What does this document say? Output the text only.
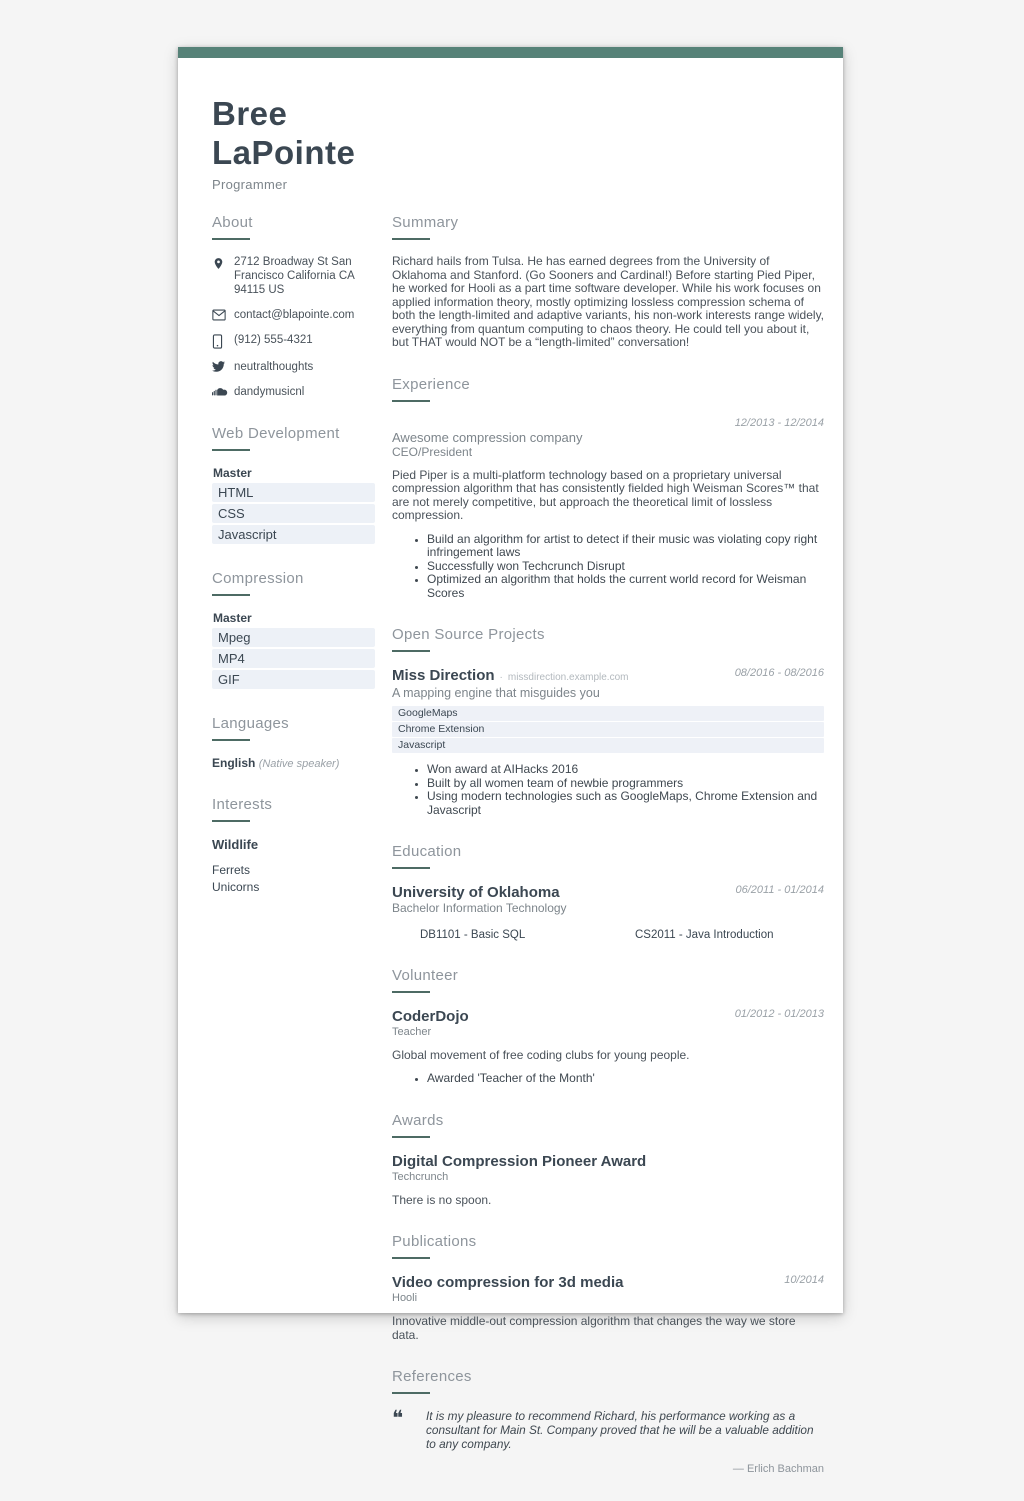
Bree
LaPointe
Programmer
About
2712 Broadway St San Francisco California CA 94115 US
contact@blapointe.com
(912) 555-4321
neutralthoughts
dandymusicnl
Web Development
Master
HTML
CSS
Javascript
Compression
Master
Mpeg
MP4
GIF
Languages
English (Native speaker)
Interests
Wildlife
Ferrets
Unicorns
Summary
Richard hails from Tulsa. He has earned degrees from the University of Oklahoma and Stanford. (Go Sooners and Cardinal!) Before starting Pied Piper, he worked for Hooli as a part time software developer. While his work focuses on applied information theory, mostly optimizing lossless compression schema of both the length-limited and adaptive variants, his non-work interests range widely, everything from quantum computing to chaos theory. He could tell you about it, but THAT would NOT be a “length-limited” conversation!
Experience
12/2013 - 12/2014
Awesome compression company
CEO/President
Pied Piper is a multi-platform technology based on a proprietary universal compression algorithm that has consistently fielded high Weisman Scores™ that are not merely competitive, but approach the theoretical limit of lossless compression.
• Build an algorithm for artist to detect if their music was violating copy right infringement laws
• Successfully won Techcrunch Disrupt
• Optimized an algorithm that holds the current world record for Weisman Scores
Open Source Projects
08/2016 - 08/2016
Miss Direction · missdirection.example.com
A mapping engine that misguides you
GoogleMaps
Chrome Extension
Javascript
• Won award at AIHacks 2016
• Built by all women team of newbie programmers
• Using modern technologies such as GoogleMaps, Chrome Extension and Javascript
Education
06/2011 - 01/2014
University of Oklahoma
Bachelor Information Technology
DB1101 - Basic SQL	CS2011 - Java Introduction
Volunteer
01/2012 - 01/2013
CoderDojo
Teacher
Global movement of free coding clubs for young people.
• Awarded 'Teacher of the Month'
Awards
Digital Compression Pioneer Award
Techcrunch
There is no spoon.
Publications
10/2014
Video compression for 3d media
Hooli
Innovative middle-out compression algorithm that changes the way we store data.
References
❝	It is my pleasure to recommend Richard, his performance working as a consultant for Main St. Company proved that he will be a valuable addition to any company.
— Erlich Bachman
